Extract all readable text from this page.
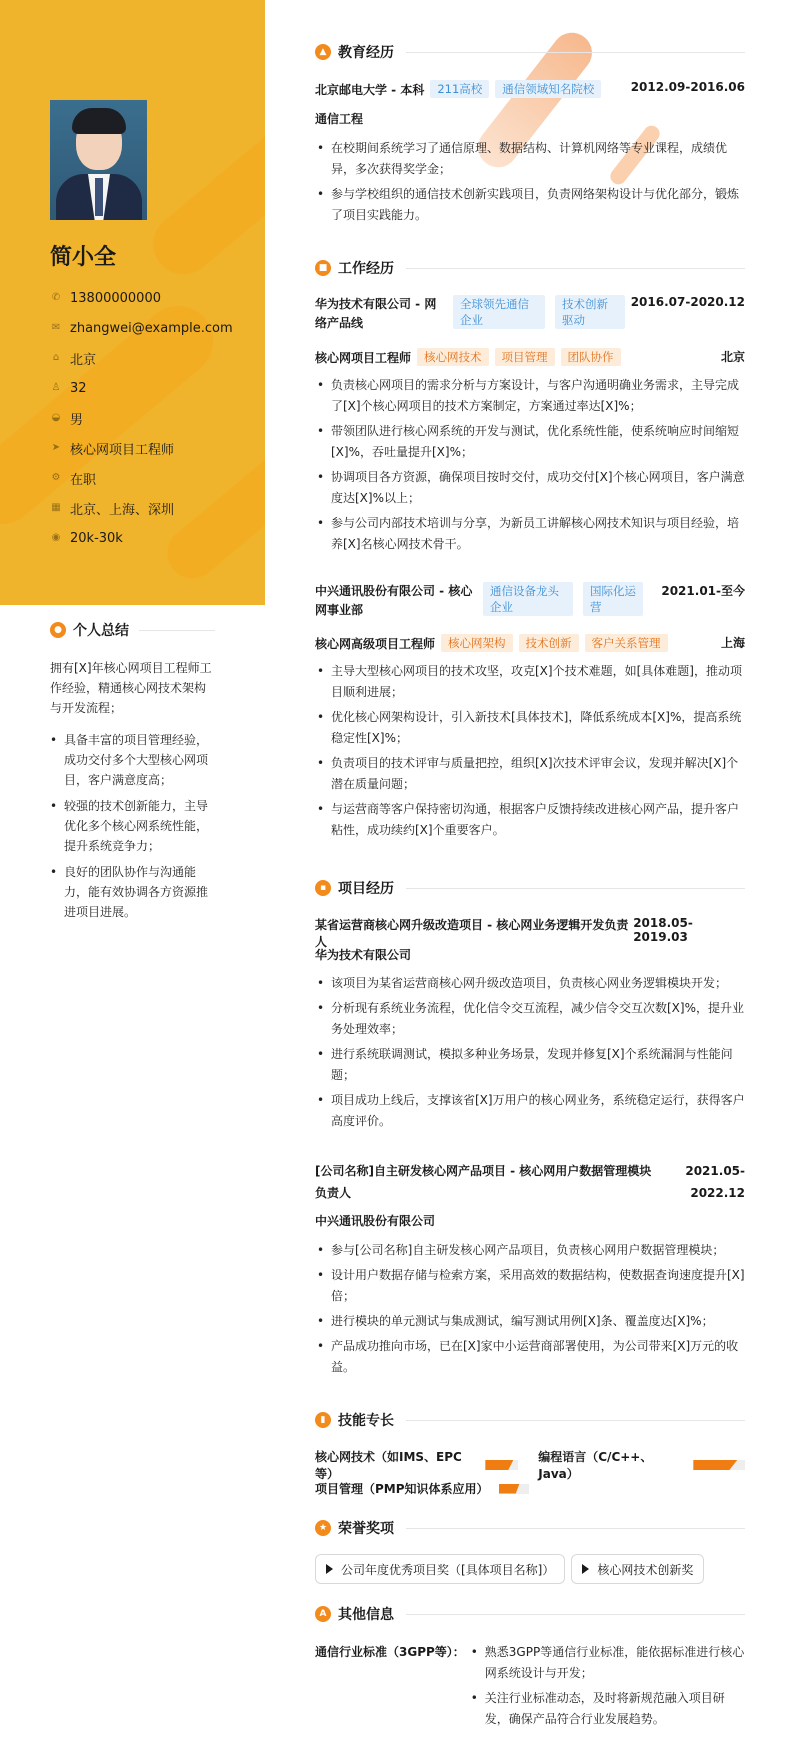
简小全
✆ 13800000000
✉ zhangwei@example.com
⌂ 北京
♙ 32
◒ 男
➤ 核心网项目工程师
⚙ 在职
▦ 北京、上海、深圳
◉ 20k-30k
● 个人总结
拥有[X]年核心网项目工程师工作经验，精通核心网技术架构与开发流程；
• 具备丰富的项目管理经验，成功交付多个大型核心网项目，客户满意度高；
• 较强的技术创新能力，主导优化多个核心网系统性能，提升系统竞争力；
• 良好的团队协作与沟通能力，能有效协调各方资源推进项目进展。
▲ 教育经历
北京邮电大学 - 本科	211高校	通信领域知名院校	2012.09-2016.06
通信工程
• 在校期间系统学习了通信原理、数据结构、计算机网络等专业课程，成绩优异，多次获得奖学金；
• 参与学校组织的通信技术创新实践项目，负责网络架构设计与优化部分，锻炼了项目实践能力。
■ 工作经历
华为技术有限公司 - 网络产品线
全球领先通信企业
技术创新驱动
2016.07-2020.12
核心网项目工程师	核心网技术	项目管理	团队协作	北京
• 负责核心网项目的需求分析与方案设计，与客户沟通明确业务需求，主导完成了[X]个核心网项目的技术方案制定，方案通过率达[X]%；
• 带领团队进行核心网系统的开发与测试，优化系统性能，使系统响应时间缩短[X]%，吞吐量提升[X]%；
• 协调项目各方资源，确保项目按时交付，成功交付[X]个核心网项目，客户满意度达[X]%以上；
• 参与公司内部技术培训与分享，为新员工讲解核心网技术知识与项目经验，培养[X]名核心网技术骨干。
中兴通讯股份有限公司 - 核心网事业部
通信设备龙头企业
国际化运营
2021.01-至今
核心网高级项目工程师	核心网架构	技术创新	客户关系管理	上海
• 主导大型核心网项目的技术攻坚，攻克[X]个技术难题，如[具体难题]，推动项目顺利进展；
• 优化核心网架构设计，引入新技术[具体技术]，降低系统成本[X]%，提高系统稳定性[X]%；
• 负责项目的技术评审与质量把控，组织[X]次技术评审会议，发现并解决[X]个潜在质量问题；
• 与运营商等客户保持密切沟通，根据客户反馈持续改进核心网产品，提升客户粘性，成功续约[X]个重要客户。
▪ 项目经历
某省运营商核心网升级改造项目 - 核心网业务逻辑开发负责人
2018.05-2019.03
华为技术有限公司
• 该项目为某省运营商核心网升级改造项目，负责核心网业务逻辑模块开发；
• 分析现有系统业务流程，优化信令交互流程，减少信令交互次数[X]%，提升业务处理效率；
• 进行系统联调测试，模拟多种业务场景，发现并修复[X]个系统漏洞与性能问题；
• 项目成功上线后，支撑该省[X]万用户的核心网业务，系统稳定运行，获得客户高度评价。
[公司名称]自主研发核心网产品项目 - 核心网用户数据管理模块负责人
2021.05-2022.12
中兴通讯股份有限公司
• 参与[公司名称]自主研发核心网产品项目，负责核心网用户数据管理模块；
• 设计用户数据存储与检索方案，采用高效的数据结构，使数据查询速度提升[X]倍；
• 进行模块的单元测试与集成测试，编写测试用例[X]条、覆盖度达[X]%；
• 产品成功推向市场，已在[X]家中小运营商部署使用，为公司带来[X]万元的收益。
▮ 技能专长
核心网技术（如IMS、EPC等）
编程语言（C/C++、Java）
项目管理（PMP知识体系应用）
★ 荣誉奖项
公司年度优秀项目奖（[具体项目名称]）	核心网技术创新奖
A 其他信息
通信行业标准（3GPP等）：
•	熟悉3GPP等通信行业标准，能依据标准进行核心网系统设计与开发；
• 关注行业标准动态，及时将新规范融入项目研发，确保产品符合行业发展趋势。
